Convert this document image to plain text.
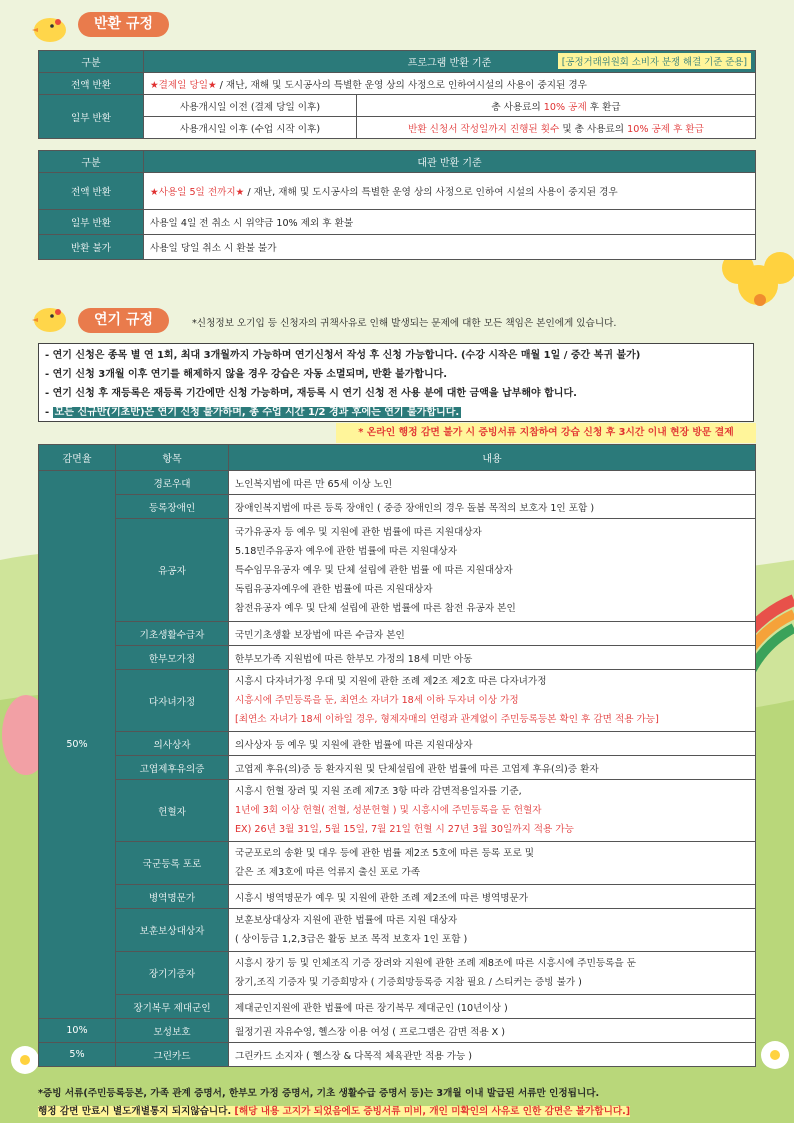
반환 규정
구분	프로그램 반환 기준 [공정거래위원회 소비자 분쟁 해결 기준 준용]	

전액 반환	★결제일 당일★ / 재난, 재해 및 도시공사의 특별한 운영 상의 사정으로 인하여시설의 사용이 중지된 경우	
일부 반환	사용개시일 이전 (결제 당일 이후)	총 사용료의 10% 공제 후 환급
	사용개시일 이후 (수업 시작 이후)	반환 신청서 작성일까지 진행된 횟수 및 총 사용료의 10% 공제 후 환급
구분	대관 반환 기준
전액 반환	★사용일 5일 전까지★ / 재난, 재해 및 도시공사의 특별한 운영 상의 사정으로 인하여 시설의 사용이 중지된 경우
일부 반환	사용일 4일 전 취소 시 위약금 10% 제외 후 환불
반환 불가	사용일 당일 취소 시 환불 불가
연기 규정	*신청정보 오기입 등 신청자의 귀책사유로 인해 발생되는 문제에 대한 모든 책임은 본인에게 있습니다.
- 연기 신청은 종목 별 연 1회, 최대 3개월까지 가능하며 연기신청서 작성 후 신청 가능합니다. (수강 시작은 매월 1일 / 중간 복귀 불가)
- 연기 신청 3개월 이후 연기를 해제하지 않을 경우 강습은 자동 소멸되며, 반환 불가합니다.
- 연기 신청 후 재등록은 재등록 기간에만 신청 가능하며, 재등록 시 연기 신청 전 사용 분에 대한 금액을 납부해야 합니다.
- 모든 신규반(기초반)은 연기 신청 불가하며, 총 수업 시간 1/2 경과 후에는 연기 불가합니다.
* 온라인 행정 감면 불가 시 증빙서류 지참하여 강습 신청 후 3시간 이내 현장 방문 결제
감면율	항목	내용
50%	경로우대	노인복지법에 따른 만 65세 이상 노인
	등록장애인	장애인복지법에 따른 등록 장애인 ( 중증 장애인의 경우 돌봄 목적의 보호자 1인 포함 )
	유공자	국가유공자 등 예우 및 지원에 관한 법률에 따른 지원대상자
5.18민주유공자 예우에 관한 법률에 따른 지원대상자
특수임무유공자 예우 및 단체 설립에 관한 법률 에 따른 지원대상자
독립유공자예우에 관한 법률에 따른 지원대상자
참전유공자 예우 및 단체 설립에 관한 법률에 따른 참전 유공자 본인

	기초생활수급자	국민기초생활 보장법에 따른 수급자 본인
	한부모가정	한부모가족 지원법에 따른 한부모 가정의 18세 미만 아동
	다자녀가정	시흥시 다자녀가정 우대 및 지원에 관한 조례 제2조 제2호 따른 다자녀가정
시흥시에 주민등록을 둔, 최연소 자녀가 18세 이하 두자녀 이상 가정
[최연소 자녀가 18세 이하일 경우, 형제자매의 연령과 관계없이 주민등록등본 확인 후 감면 적용 가능]

	의사상자	의사상자 등 예우 및 지원에 관한 법률에 따른 지원대상자
	고엽제후유의증	고엽제 후유(의)증 등 환자지원 및 단체설립에 관한 법률에 따른 고엽제 후유(의)증 환자
	헌혈자	시흥시 헌혈 장려 및 지원 조례 제7조 3항 따라 감면적용일자를 기준,
1년에 3회 이상 헌혈( 전혈, 성분헌혈 ) 및 시흥시에 주민등록을 둔 헌혈자
EX) 26년 3월 31일, 5월 15일, 7월 21일 헌혈 시 27년 3월 30일까지 적용 가능

	국군등록 포로	국군포로의 송환 및 대우 등에 관한 법률 제2조 5호에 따른 등록 포로 및
같은 조 제3호에 따른 억류지 출신 포로 가족

	병역명문가	시흥시 병역명문가 예우 및 지원에 관한 조례 제2조에 따른 병역명문가
	보훈보상대상자	보훈보상대상자 지원에 관한 법률에 따른 지원 대상자
( 상이등급 1,2,3급은 활동 보조 목적 보호자 1인 포함 )

	장기기증자	시흥시 장기 등 및 인체조직 기증 장려와 지원에 관한 조례 제8조에 따른 시흥시에 주민등록을 둔
장기,조직 기증자 및 기증희망자 ( 기증희망등록증 지참 필요 / 스티커는 증빙 불가 )

	장기복무 제대군인	제대군인지원에 관한 법률에 따른 장기복무 제대군인 (10년이상 )

10%	모성보호	월정기권 자유수영, 헬스장 이용 여성 ( 프로그램은 감면 적용 X )
5%	그린카드	그린카드 소지자 ( 헬스장 & 다목적 체육관만 적용 가능 )
*증빙 서류(주민등록등본, 가족 관계 증명서, 한부모 가정 증명서, 기초 생활수급 증명서 등)는 3개월 이내 발급된 서류만 인정됩니다.
행정 감면 만료시 별도개별통지 되지않습니다. [해당 내용 고지가 되었음에도 증빙서류 미비, 개인 미확인의 사유로 인한 감면은 불가합니다.]
